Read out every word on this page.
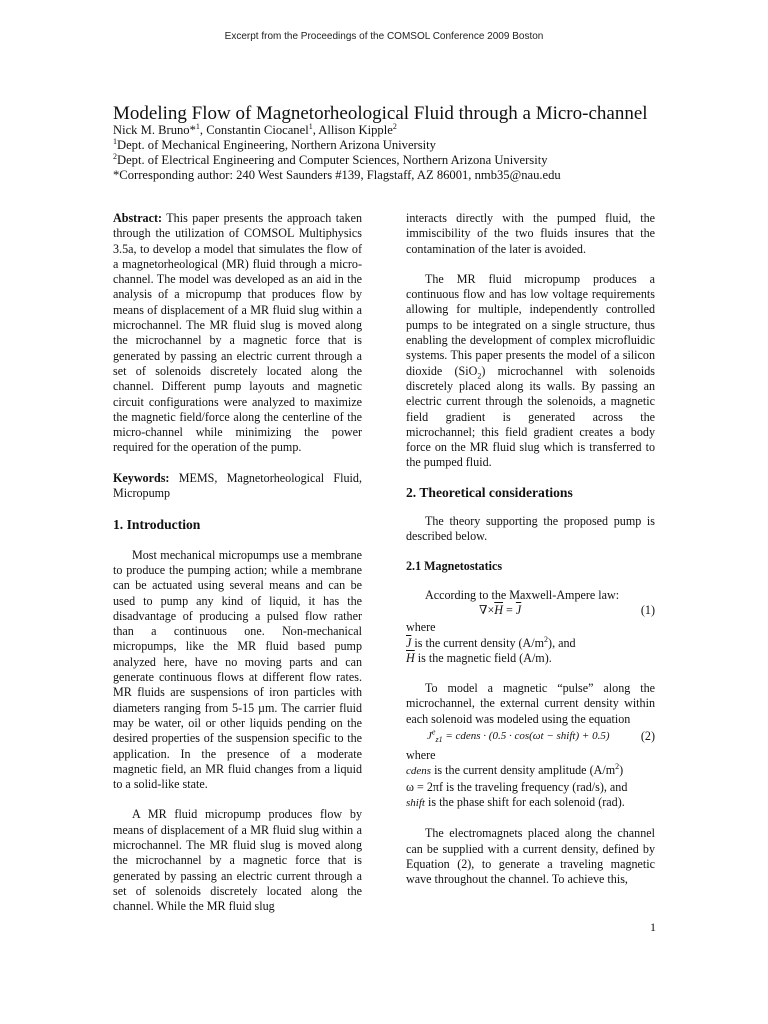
Excerpt from the Proceedings of the COMSOL Conference 2009 Boston
Modeling Flow of Magnetorheological Fluid through a Micro-channel
Nick M. Bruno*$^1$, Constantin Ciocanel$^1$, Allison Kipple$^2$
$^1$Dept. of Mechanical Engineering, Northern Arizona University
$^2$Dept. of Electrical Engineering and Computer Sciences, Northern Arizona University
*Corresponding author: 240 West Saunders #139, Flagstaff, AZ 86001, nmb35@nau.edu

Abstract: This paper presents the approach taken through the utilization of COMSOL Multiphysics 3.5a, to develop a model that simulates the flow of a magnetorheological (MR) fluid through a micro-channel. The model was developed as an aid in the analysis of a micropump that produces flow by means of displacement of a MR fluid slug within a microchannel. The MR fluid slug is moved along the microchannel by a magnetic force that is generated by passing an electric current through a set of solenoids discretely located along the channel. Different pump layouts and magnetic circuit configurations were analyzed to maximize the magnetic field/force along the centerline of the micro-channel while minimizing the power required for the operation of the pump.

Keywords: MEMS, Magnetorheological Fluid, Micropump

1. Introduction

Most mechanical micropumps use a membrane to produce the pumping action; while a membrane can be actuated using several means and can be used to pump any kind of liquid, it has the disadvantage of producing a pulsed flow rather than a continuous one. Non-mechanical micropumps, like the MR fluid based pump analyzed here, have no moving parts and can generate continuous flows at different flow rates. MR fluids are suspensions of iron particles with diameters ranging from 5-15 µm. The carrier fluid may be water, oil or other liquids pending on the desired properties of the suspension specific to the application. In the presence of a moderate magnetic field, an MR fluid changes from a liquid to a solid-like state.

A MR fluid micropump produces flow by means of displacement of a MR fluid slug within a microchannel. The MR fluid slug is moved along the microchannel by a magnetic force that is generated by passing an electric current through a set of solenoids discretely located along the channel. While the MR fluid slug

interacts directly with the pumped fluid, the immiscibility of the two fluids insures that the contamination of the later is avoided.

The MR fluid micropump produces a continuous flow and has low voltage requirements allowing for multiple, independently controlled pumps to be integrated on a single structure, thus enabling the development of complex microfluidic systems. This paper presents the model of a silicon dioxide (SiO$_2$) microchannel with solenoids discretely placed along its walls. By passing an electric current through the solenoids, a magnetic field gradient is generated across the microchannel; this field gradient creates a body force on the MR fluid slug which is transferred to the pumped fluid.

2. Theoretical considerations

The theory supporting the proposed pump is described below.

2.1 Magnetostatics

According to the Maxwell-Ampere law:

$\nabla\times\overline{H} = \overline{J}$	(1)

where

$\overline{J}$ is the current density $(A/m^2)$, and

$\overline{H}$ is the magnetic field (A/m).

To model a magnetic “pulse” along the microchannel, the external current density within each solenoid was modeled using the equation

$J^e_{z1}$ = cdens · (0.5 · cos(ωt − shift) + 0.5)	(2)

where

cdens is the current density amplitude $(A/m^2)$

ω = 2πf is the traveling frequency (rad/s), and

shift is the phase shift for each solenoid (rad).

The electromagnets placed along the channel can be supplied with a current density, defined by Equation (2), to generate a traveling magnetic wave throughout the channel. To achieve this,

1
